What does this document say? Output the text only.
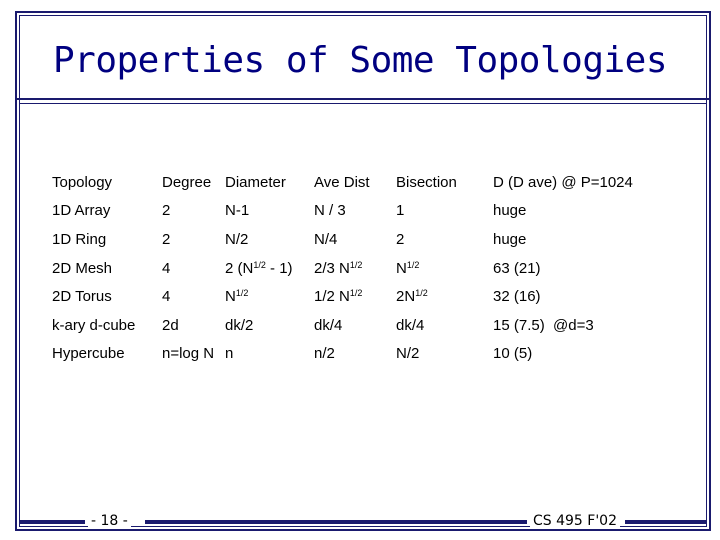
Properties of Some Topologies
Topology	Degree	Diameter	Ave Dist	Bisection	D (D ave) @ P=1024
1D Array	2	N-1	N / 3	1	huge
1D Ring	2	N/2	N/4	2	huge
2D Mesh	4	2 $(N^{1/2} - 1)$	2/3 $N^{1/2}$	$N^{1/2}$	63 (21)
2D Torus	4	$N^{1/2}$	1/2 $N^{1/2}$	$2N^{1/2}$	32 (16)
k-ary d-cube	2d	dk/2	dk/4	dk/4	15 (7.5)  @d=3
Hypercube	n=log N	n	n/2	N/2	10 (5)
- 18 -	CS 495 F'02
